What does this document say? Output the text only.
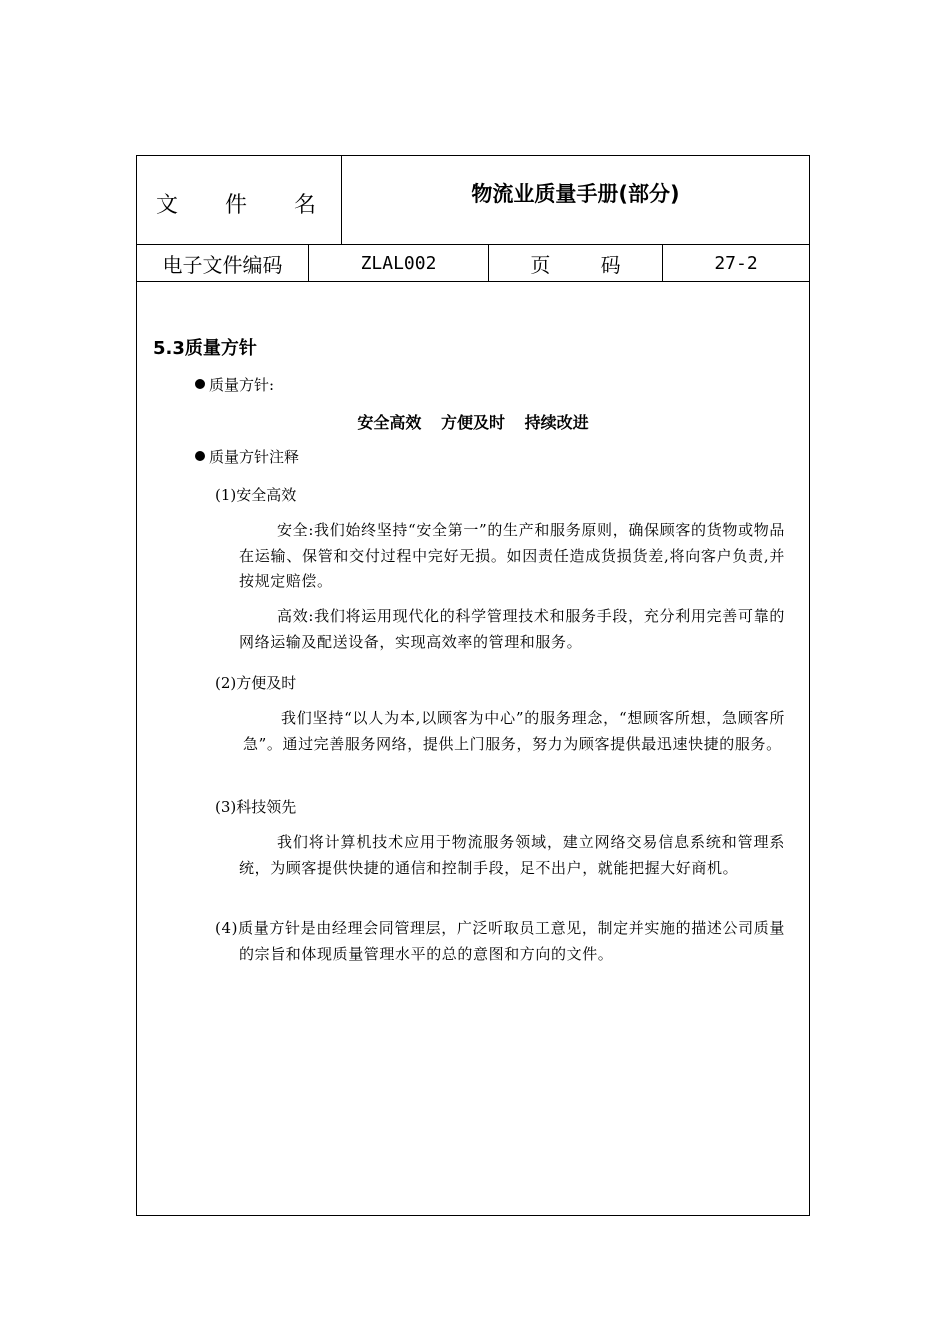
文 件 名	物流业质量手册(部分)
电子文件编码	ZLAL002	页 码	27-2
5.3质量方针
质量方针:
安全高效 方便及时 持续改进
质量方针注释
(1)安全高效
安全:我们始终坚持“安全第一”的生产和服务原则，确保顾客的货物或物品在运输、保管和交付过程中完好无损。如因责任造成货损货差,将向客户负责,并按规定赔偿。
高效:我们将运用现代化的科学管理技术和服务手段，充分利用完善可靠的网络运输及配送设备，实现高效率的管理和服务。
(2)方便及时
我们坚持“以人为本,以顾客为中心”的服务理念，“想顾客所想，急顾客所急”。通过完善服务网络，提供上门服务，努力为顾客提供最迅速快捷的服务。
(3)科技领先
我们将计算机技术应用于物流服务领域，建立网络交易信息系统和管理系统，为顾客提供快捷的通信和控制手段，足不出户，就能把握大好商机。
(4)质量方针是由经理会同管理层，广泛听取员工意见，制定并实施的描述公司质量的宗旨和体现质量管理水平的总的意图和方向的文件。
